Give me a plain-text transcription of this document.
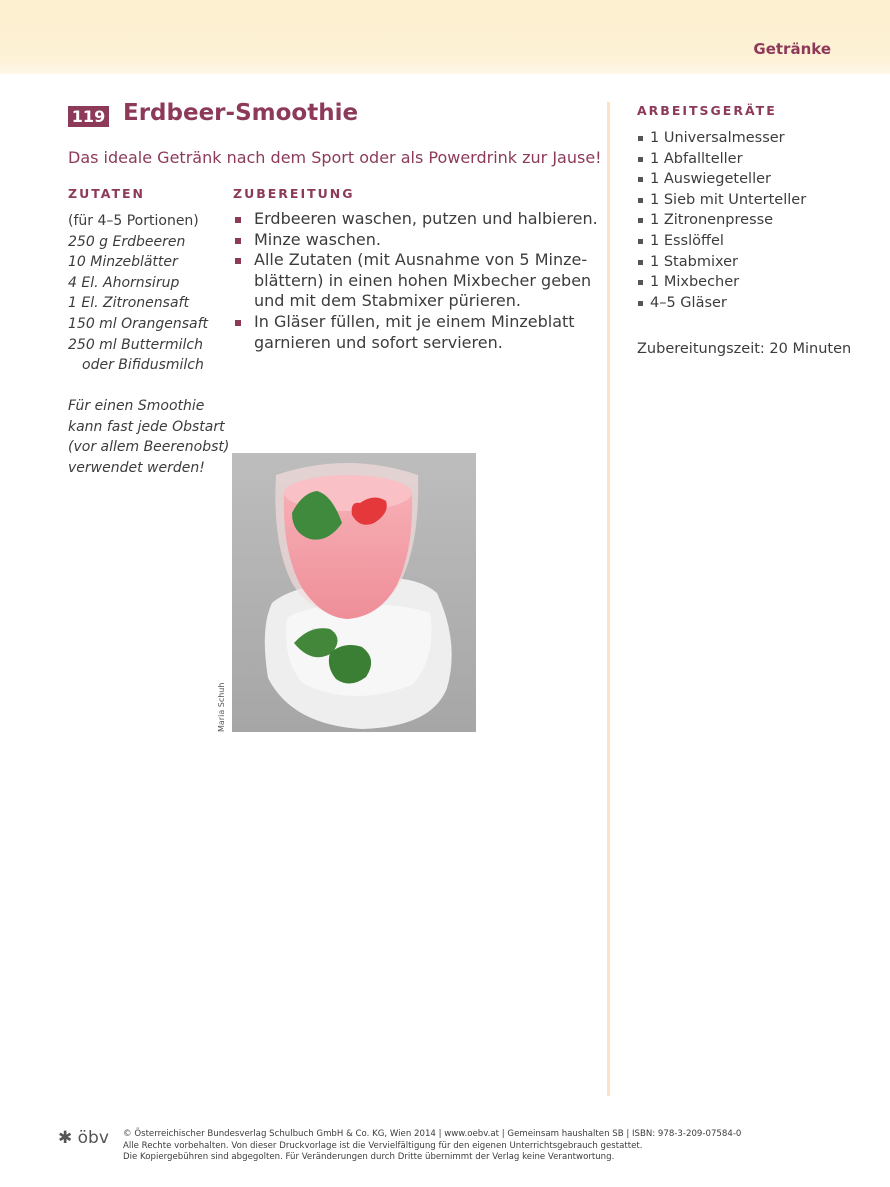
Getränke
119 Erdbeer-Smoothie
Das ideale Getränk nach dem Sport oder als Powerdrink zur Jause!
ZUTATEN
(für 4–5 Portionen)
250 g Erdbeeren
10 Minzeblätter
4 El. Ahornsirup
1 El. Zitronensaft
150 ml Orangensaft
250 ml Buttermilch
oder Bifidusmilch
Für einen Smoothie
kann fast jede Obstart
(vor allem Beerenobst)
verwendet werden!
ZUBEREITUNG
Erdbeeren waschen, putzen und halbieren.
Minze waschen.
Alle Zutaten (mit Ausnahme von 5 Minze-
blättern) in einen hohen Mixbecher geben
und mit dem Stabmixer pürieren.
In Gläser füllen, mit je einem Minzeblatt
garnieren und sofort servieren.
Maria Schuh
ARBEITSGERÄTE
1 Universalmesser
1 Abfallteller
1 Auswiegeteller
1 Sieb mit Unterteller
1 Zitronenpresse
1 Esslöffel
1 Stabmixer
1 Mixbecher
4–5 Gläser
Zubereitungszeit: 20 Minuten
✱ öbv © Österreichischer Bundesverlag Schulbuch GmbH & Co. KG, Wien 2014 | www.oebv.at | Gemeinsam haushalten SB | ISBN: 978-3-209-07584-0
Alle Rechte vorbehalten. Von dieser Druckvorlage ist die Vervielfältigung für den eigenen Unterrichtsgebrauch gestattet.
Die Kopiergebühren sind abgegolten. Für Veränderungen durch Dritte übernimmt der Verlag keine Verantwortung.
